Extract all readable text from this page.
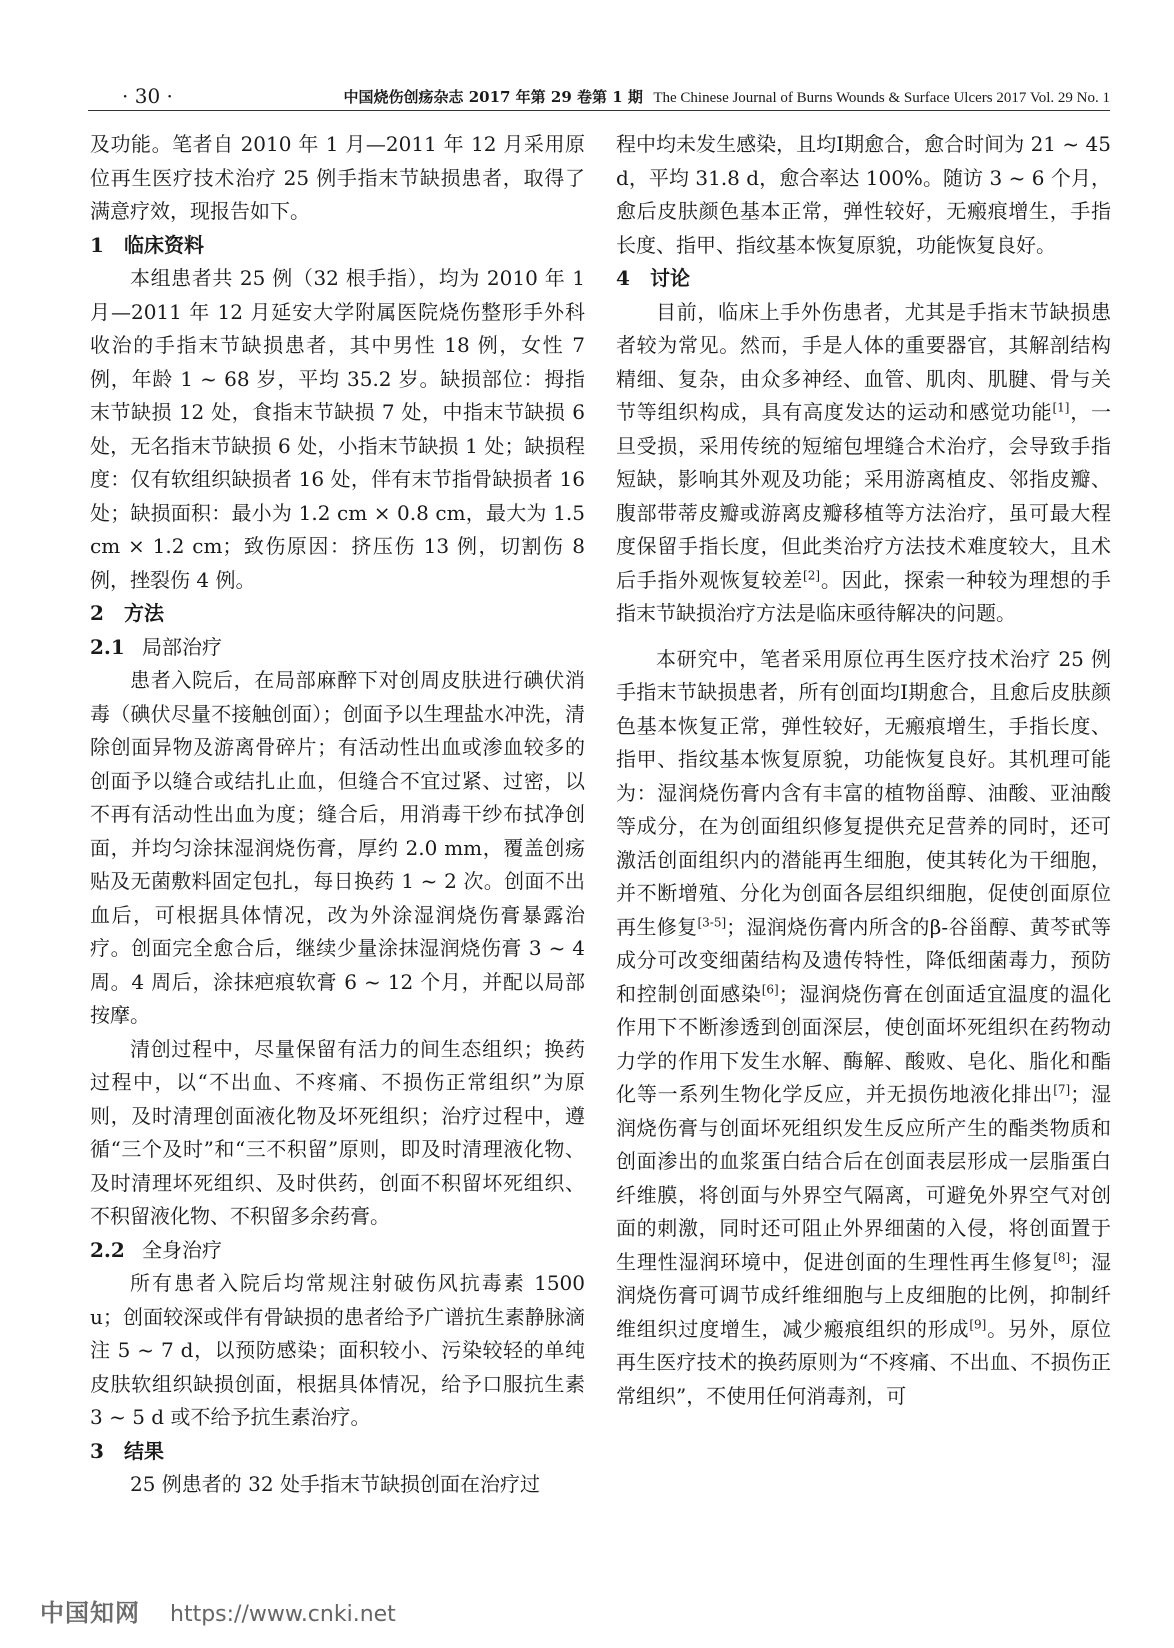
· 30 ·	中国烧伤创疡杂志 2017 年第 29 卷第 1 期 The Chinese Journal of Burns Wounds & Surface Ulcers 2017 Vol. 29 No. 1

及功能。笔者自 2010 年 1 月—2011 年 12 月采用原位再生医疗技术治疗 25 例手指末节缺损患者，取得了满意疗效，现报告如下。

1 临床资料

本组患者共 25 例（32 根手指），均为 2010 年 1 月—2011 年 12 月延安大学附属医院烧伤整形手外科收治的手指末节缺损患者，其中男性 18 例，女性 7 例，年龄 1 ~ 68 岁，平均 35.2 岁。缺损部位：拇指末节缺损 12 处，食指末节缺损 7 处，中指末节缺损 6 处，无名指末节缺损 6 处，小指末节缺损 1 处；缺损程度：仅有软组织缺损者 16 处，伴有末节指骨缺损者 16 处；缺损面积：最小为 1.2 cm × 0.8 cm，最大为 1.5 cm × 1.2 cm；致伤原因：挤压伤 13 例，切割伤 8 例，挫裂伤 4 例。

2 方法
2.1 局部治疗

患者入院后，在局部麻醉下对创周皮肤进行碘伏消毒（碘伏尽量不接触创面）；创面予以生理盐水冲洗，清除创面异物及游离骨碎片；有活动性出血或渗血较多的创面予以缝合或结扎止血，但缝合不宜过紧、过密，以不再有活动性出血为度；缝合后，用消毒干纱布拭净创面，并均匀涂抹湿润烧伤膏，厚约 2.0 mm，覆盖创疡贴及无菌敷料固定包扎，每日换药 1 ~ 2 次。创面不出血后，可根据具体情况，改为外涂湿润烧伤膏暴露治疗。创面完全愈合后，继续少量涂抹湿润烧伤膏 3 ~ 4 周。4 周后，涂抹疤痕软膏 6 ~ 12 个月，并配以局部按摩。

清创过程中，尽量保留有活力的间生态组织；换药过程中，以“不出血、不疼痛、不损伤正常组织”为原则，及时清理创面液化物及坏死组织；治疗过程中，遵循“三个及时”和“三不积留”原则，即及时清理液化物、及时清理坏死组织、及时供药，创面不积留坏死组织、不积留液化物、不积留多余药膏。

2.2 全身治疗

所有患者入院后均常规注射破伤风抗毒素 1500 u；创面较深或伴有骨缺损的患者给予广谱抗生素静脉滴注 5 ~ 7 d，以预防感染；面积较小、污染较轻的单纯皮肤软组织缺损创面，根据具体情况，给予口服抗生素 3 ~ 5 d 或不给予抗生素治疗。

3 结果

25 例患者的 32 处手指末节缺损创面在治疗过

程中均未发生感染，且均Ⅰ期愈合，愈合时间为 21 ~ 45 d，平均 31.8 d，愈合率达 100%。随访 3 ~ 6 个月，愈后皮肤颜色基本正常，弹性较好，无瘢痕增生，手指长度、指甲、指纹基本恢复原貌，功能恢复良好。

4 讨论

目前，临床上手外伤患者，尤其是手指末节缺损患者较为常见。然而，手是人体的重要器官，其解剖结构精细、复杂，由众多神经、血管、肌肉、肌腱、骨与关节等组织构成，具有高度发达的运动和感觉功能[1]，一旦受损，采用传统的短缩包埋缝合术治疗，会导致手指短缺，影响其外观及功能；采用游离植皮、邻指皮瓣、腹部带蒂皮瓣或游离皮瓣移植等方法治疗，虽可最大程度保留手指长度，但此类治疗方法技术难度较大，且术后手指外观恢复较差[2]。因此，探索一种较为理想的手指末节缺损治疗方法是临床亟待解决的问题。

本研究中，笔者采用原位再生医疗技术治疗 25 例手指末节缺损患者，所有创面均Ⅰ期愈合，且愈后皮肤颜色基本恢复正常，弹性较好，无瘢痕增生，手指长度、指甲、指纹基本恢复原貌，功能恢复良好。其机理可能为：湿润烧伤膏内含有丰富的植物甾醇、油酸、亚油酸等成分，在为创面组织修复提供充足营养的同时，还可激活创面组织内的潜能再生细胞，使其转化为干细胞，并不断增殖、分化为创面各层组织细胞，促使创面原位再生修复[3-5]；湿润烧伤膏内所含的β-谷甾醇、黄芩甙等成分可改变细菌结构及遗传特性，降低细菌毒力，预防和控制创面感染[6]；湿润烧伤膏在创面适宜温度的温化作用下不断渗透到创面深层，使创面坏死组织在药物动力学的作用下发生水解、酶解、酸败、皂化、脂化和酯化等一系列生物化学反应，并无损伤地液化排出[7]；湿润烧伤膏与创面坏死组织发生反应所产生的酯类物质和创面渗出的血浆蛋白结合后在创面表层形成一层脂蛋白纤维膜，将创面与外界空气隔离，可避免外界空气对创面的刺激，同时还可阻止外界细菌的入侵，将创面置于生理性湿润环境中，促进创面的生理性再生修复[8]；湿润烧伤膏可调节成纤维细胞与上皮细胞的比例，抑制纤维组织过度增生，减少瘢痕组织的形成[9]。另外，原位再生医疗技术的换药原则为“不疼痛、不出血、不损伤正常组织”，不使用任何消毒剂，可

中国知网 https://www.cnki.net
